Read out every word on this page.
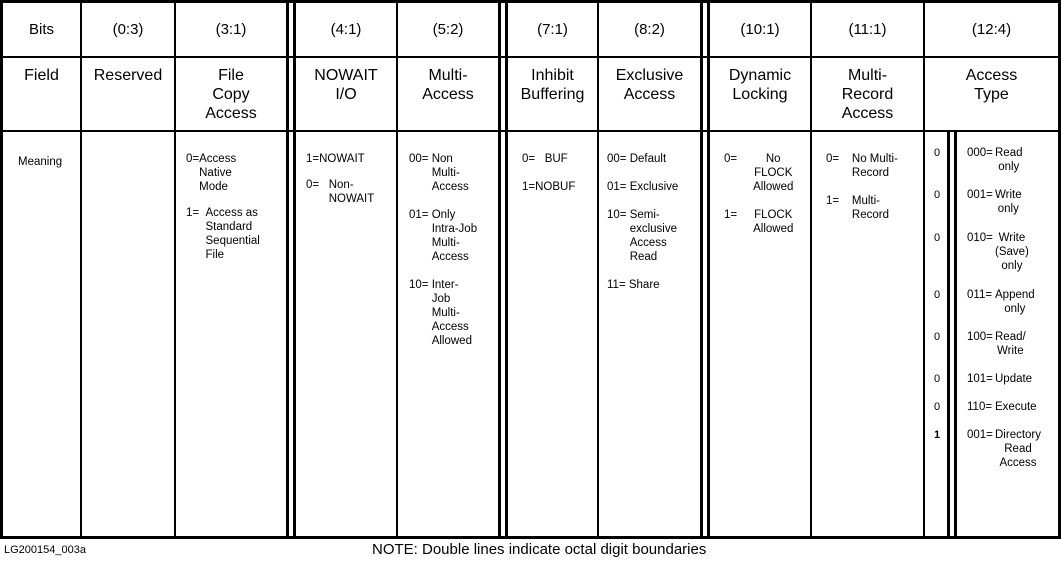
Bits
Field
Meaning
(0:3)
Reserved
(3:1)
File
Copy
Access
0= Access
Native
Mode
1= Access as
Standard
Sequential
File
(4:1)
NOWAIT
I/O
1= NOWAIT
0= Non-
NOWAIT
(5:2)
Multi-
Access
00= Non
Multi-
Access
01= Only
Intra-Job
Multi-
Access
10= Inter-
Job
Multi-
Access
Allowed
(7:1)
Inhibit
Buffering
0= BUF
1= NOBUF
(8:2)
Exclusive
Access
00= Default
01= Exclusive
10= Semi-
exclusive
Access
Read
11= Share
(10:1)
Dynamic
Locking
0=	No
FLOCK
Allowed
1= FLOCK
Allowed
(11:1)
Multi-
Record
Access
0= No Multi-
Record
1= Multi-
Record
(12:4)
Access
Type
0 000= Read
only
0 001= Write
only
0 010= Write
(Save)
only
0 011= Append
only
0 100= Read/
Write
0 101= Update
0 110= Execute
1 001= Directory
Read
Access
LG200154_003a	NOTE: Double lines indicate octal digit boundaries
